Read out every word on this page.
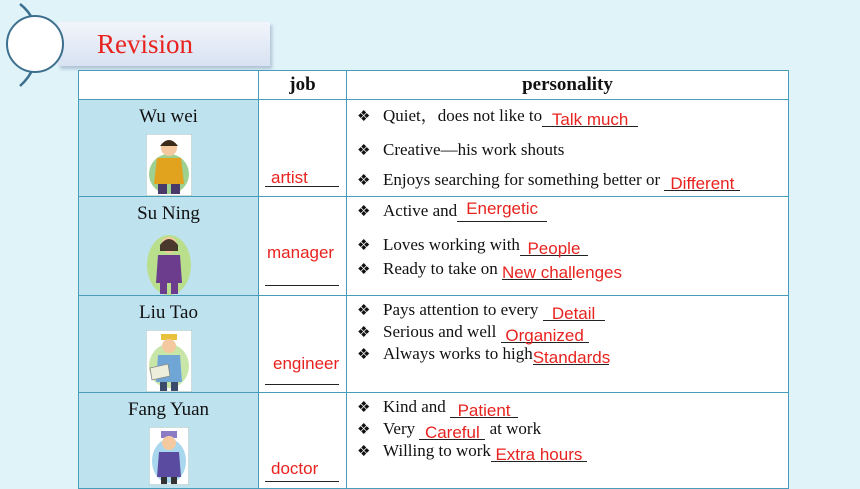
Revision
	job	personality

Wu wei	artist	❖ Quiet，does not like to Talk much
❖ Creative—his work shouts
❖ Enjoys searching for something better or Different

Su Ning	manager	❖ Active and Energetic
❖ Loves working with People
❖ Ready to take on New challenges

Liu Tao	engineer	❖ Pays attention to every Detail
❖ Serious and well Organized
❖ Always works to highStandards

Fang Yuan	doctor	❖ Kind and Patient
❖ Very Careful at work
❖ Willing to work Extra hours
